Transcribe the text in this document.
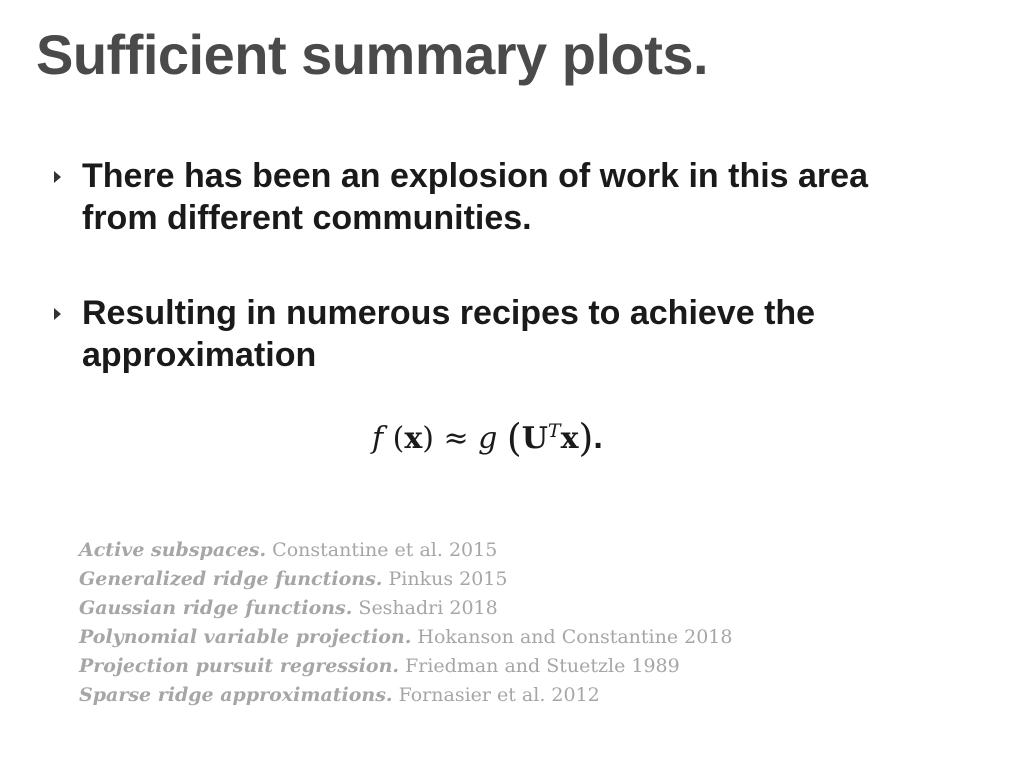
Sufficient summary plots.
There has been an explosion of work in this area
from different communities.
Resulting in numerous recipes to achieve the
approximation
f (x) ≈ g $(U^Tx)$.
Active subspaces. Constantine et al. 2015
Generalized ridge functions. Pinkus 2015
Gaussian ridge functions. Seshadri 2018
Polynomial variable projection. Hokanson and Constantine 2018
Projection pursuit regression. Friedman and Stuetzle 1989
Sparse ridge approximations. Fornasier et al. 2012
